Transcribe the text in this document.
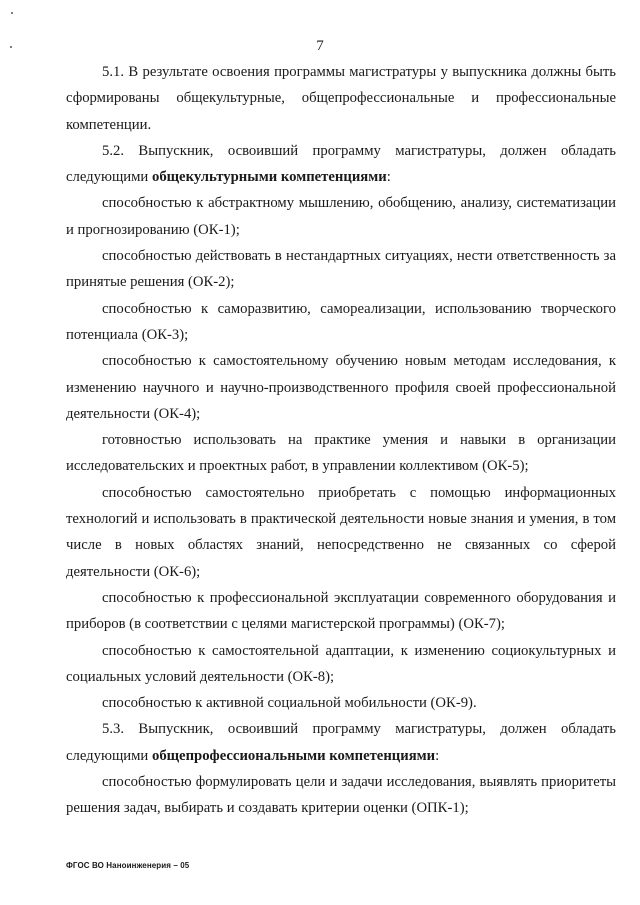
7

5.1. В результате освоения программы магистратуры у выпускника должны быть сформированы общекультурные, общепрофессиональные и профессиональные компетенции.

5.2. Выпускник, освоивший программу магистратуры, должен обладать следующими общекультурными компетенциями:

способностью к абстрактному мышлению, обобщению, анализу, систематизации и прогнозированию (ОК-1);

способностью действовать в нестандартных ситуациях, нести ответственность за принятые решения (ОК-2);

способностью к саморазвитию, самореализации, использованию творческого потенциала (ОК-3);

способностью к самостоятельному обучению новым методам исследования, к изменению научного и научно-производственного профиля своей профессиональной деятельности (ОК-4);

готовностью использовать на практике умения и навыки в организации исследовательских и проектных работ, в управлении коллективом (ОК-5);

способностью самостоятельно приобретать с помощью информационных технологий и использовать в практической деятельности новые знания и умения, в том числе в новых областях знаний, непосредственно не связанных со сферой деятельности (ОК-6);

способностью к профессиональной эксплуатации современного оборудования и приборов (в соответствии с целями магистерской программы) (ОК-7);

способностью к самостоятельной адаптации, к изменению социокультурных и социальных условий деятельности (ОК-8);

способностью к активной социальной мобильности (ОК-9).

5.3. Выпускник, освоивший программу магистратуры, должен обладать следующими общепрофессиональными компетенциями:

способностью формулировать цели и задачи исследования, выявлять приоритеты решения задач, выбирать и создавать критерии оценки (ОПК-1);

ФГОС ВО Наноинженерия – 05
